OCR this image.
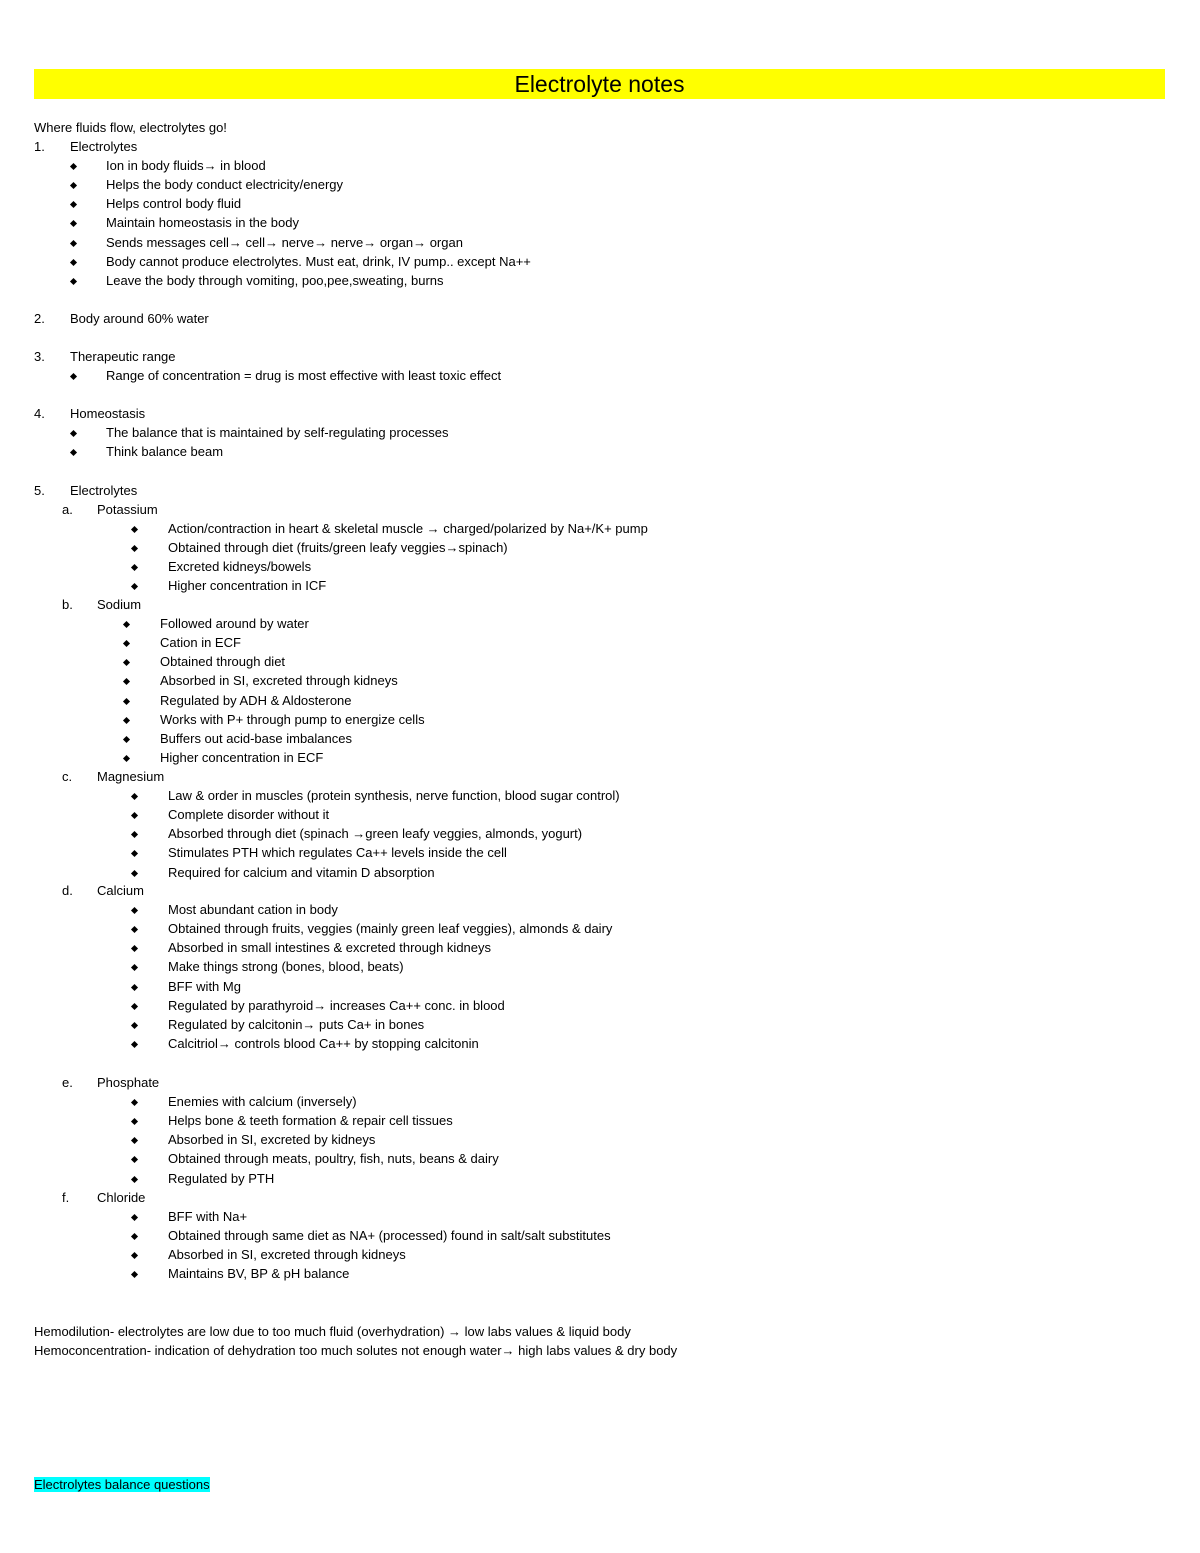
Electrolyte notes
Where fluids flow, electrolytes go!
1. Electrolytes
Ion in body fluids→ in blood
Helps the body conduct electricity/energy
Helps control body fluid
Maintain homeostasis in the body
Sends messages cell→ cell→ nerve→ nerve→ organ→ organ
Body cannot produce electrolytes. Must eat, drink, IV pump.. except Na++
Leave the body through vomiting, poo,pee,sweating, burns
2. Body around 60% water
3. Therapeutic range
Range of concentration = drug is most effective with least toxic effect
4. Homeostasis
The balance that is maintained by self-regulating processes
Think balance beam
5. Electrolytes
a. Potassium
Action/contraction in heart & skeletal muscle → charged/polarized by Na+/K+ pump
Obtained through diet (fruits/green leafy veggies→spinach)
Excreted kidneys/bowels
Higher concentration in ICF
b. Sodium
Followed around by water
Cation in ECF
Obtained through diet
Absorbed in SI, excreted through kidneys
Regulated by ADH & Aldosterone
Works with P+ through pump to energize cells
Buffers out acid-base imbalances
Higher concentration in ECF
c. Magnesium
Law & order in muscles (protein synthesis, nerve function, blood sugar control)
Complete disorder without it
Absorbed through diet (spinach →green leafy veggies, almonds, yogurt)
Stimulates PTH which regulates Ca++ levels inside the cell
Required for calcium and vitamin D absorption
d. Calcium
Most abundant cation in body
Obtained through fruits, veggies (mainly green leaf veggies), almonds & dairy
Absorbed in small intestines & excreted through kidneys
Make things strong (bones, blood, beats)
BFF with Mg
Regulated by parathyroid→ increases Ca++ conc. in blood
Regulated by calcitonin→ puts Ca+ in bones
Calcitriol→ controls blood Ca++ by stopping calcitonin
e. Phosphate
Enemies with calcium (inversely)
Helps bone & teeth formation & repair cell tissues
Absorbed in SI, excreted by kidneys
Obtained through meats, poultry, fish, nuts, beans & dairy
Regulated by PTH
f. Chloride
BFF with Na+
Obtained through same diet as NA+ (processed) found in salt/salt substitutes
Absorbed in SI, excreted through kidneys
Maintains BV, BP & pH balance
Hemodilution- electrolytes are low due to too much fluid (overhydration) → low labs values & liquid body
Hemoconcentration- indication of dehydration too much solutes not enough water→ high labs values & dry body
Electrolytes balance questions
